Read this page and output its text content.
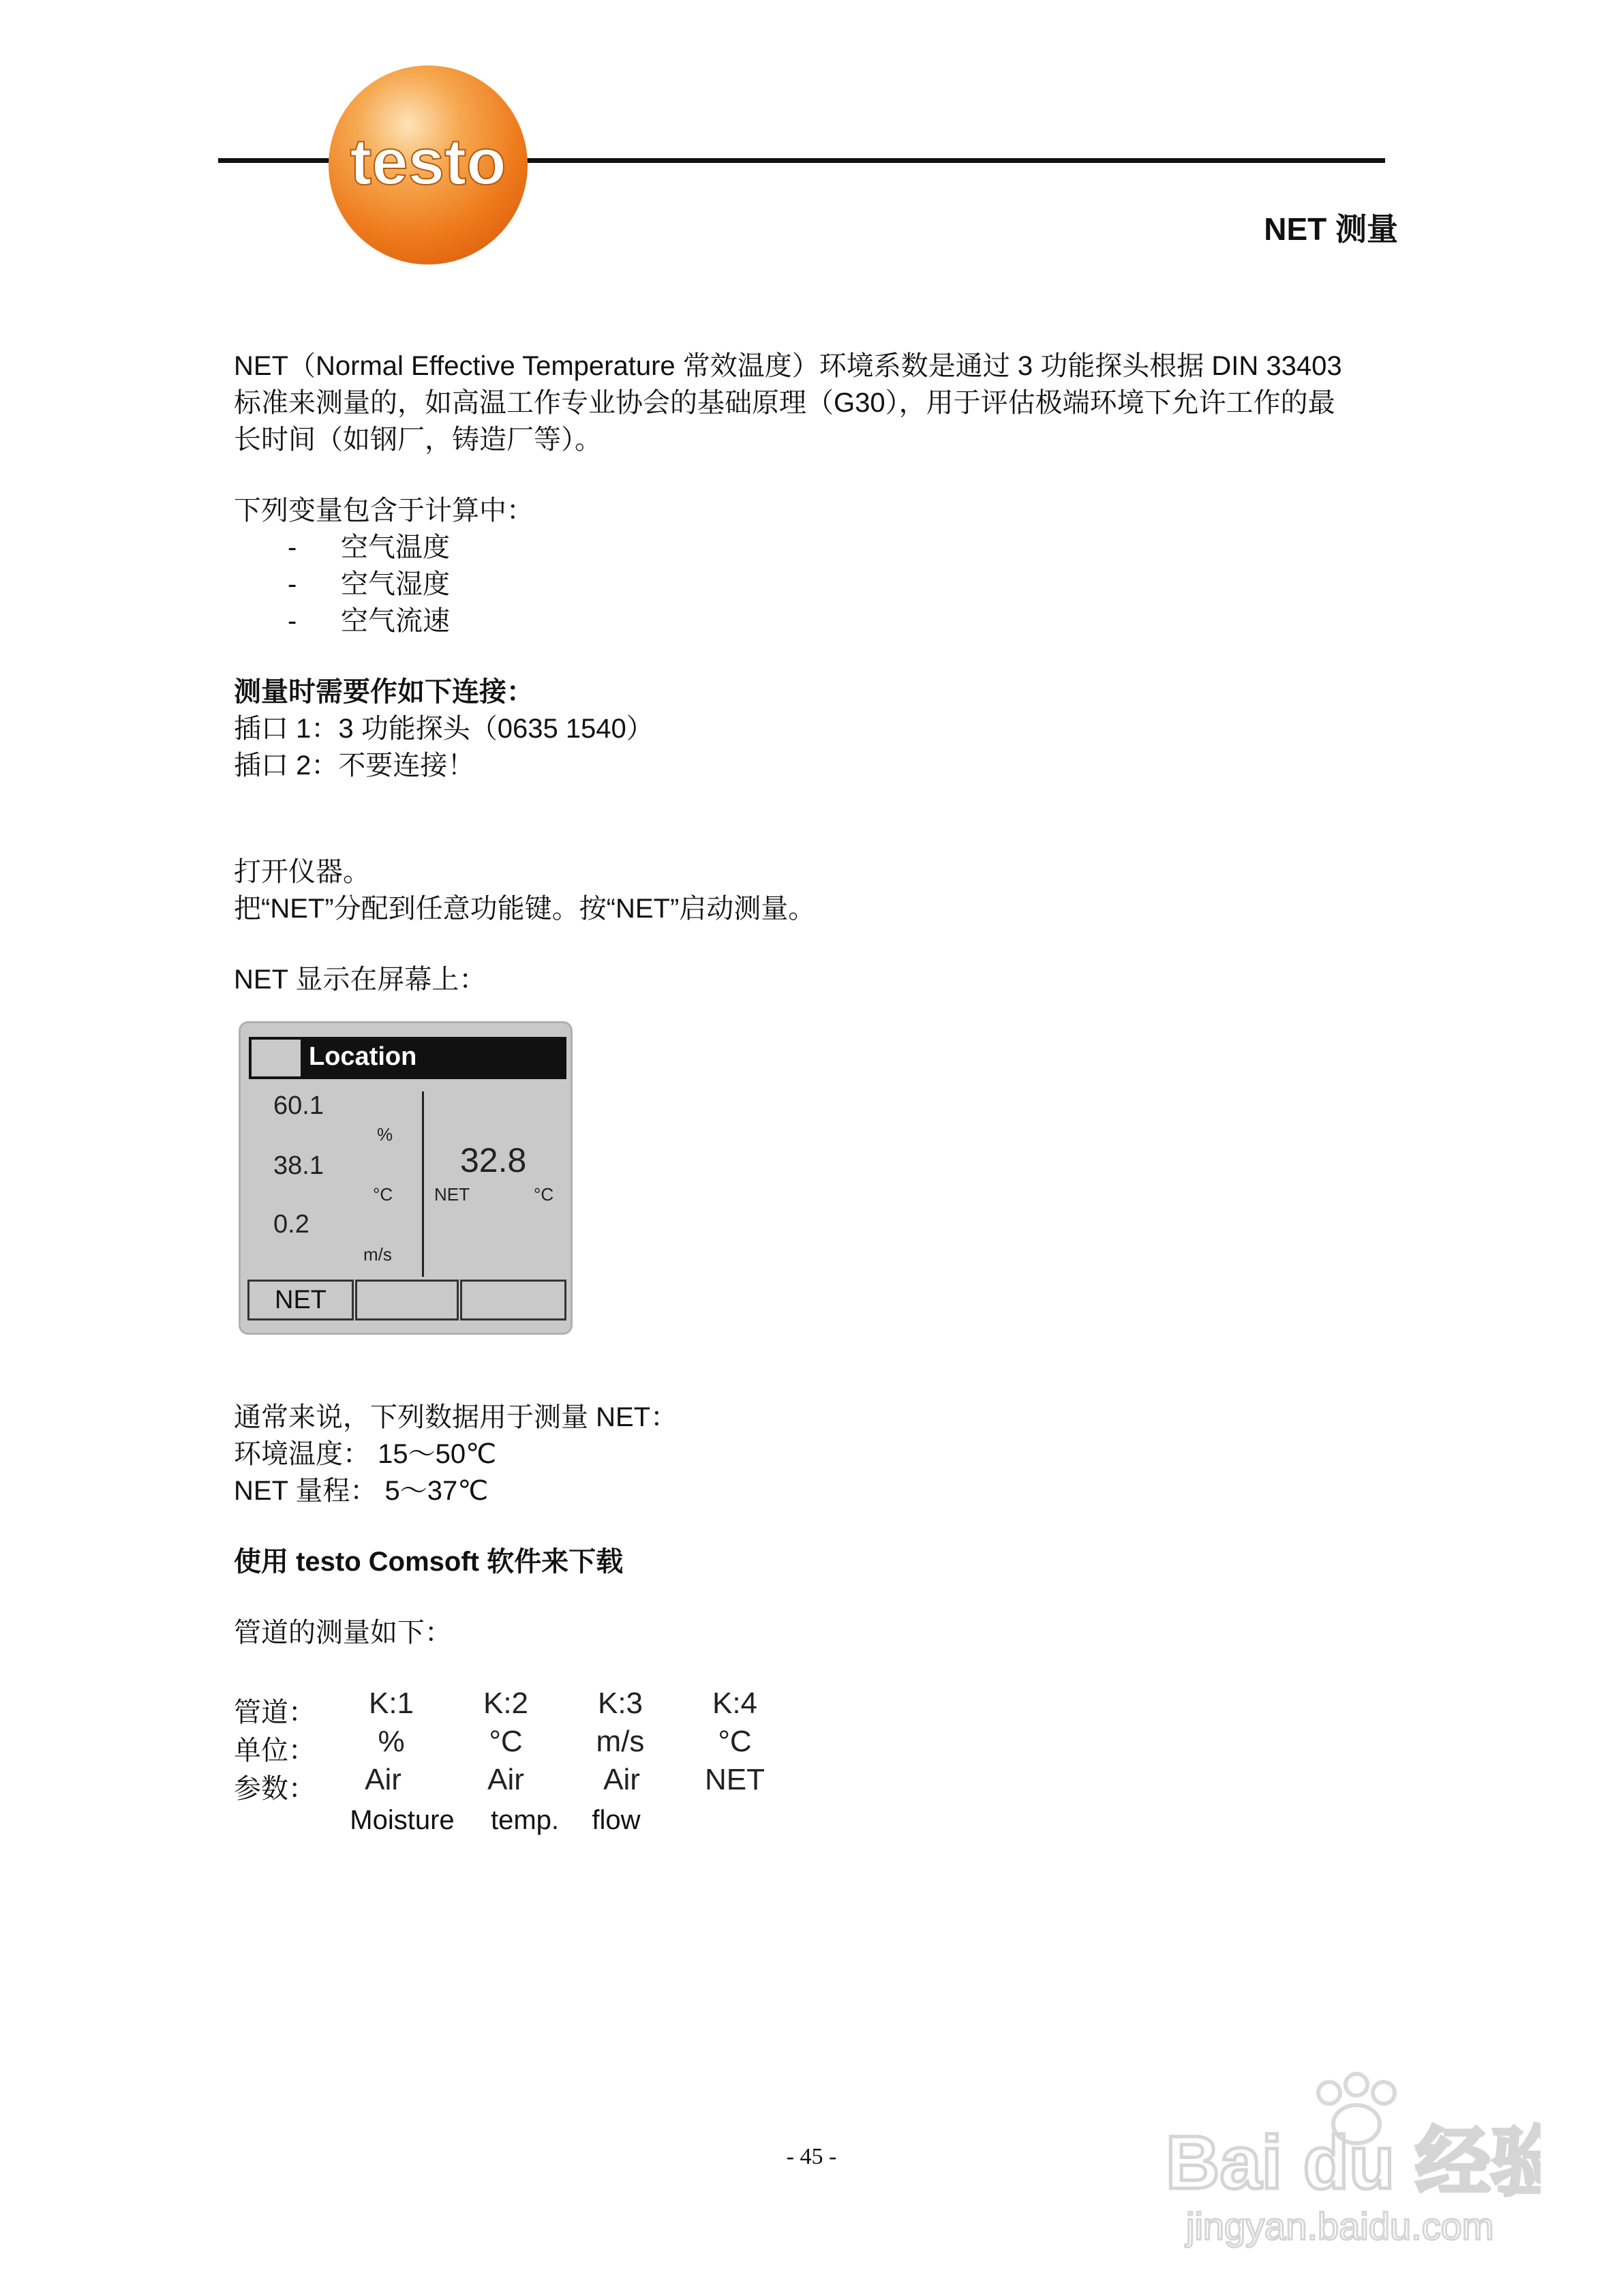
testo
NET 测量
NET（Normal Effective Temperature 常效温度）环境系数是通过 3 功能探头根据 DIN 33403
标准来测量的，如高温工作专业协会的基础原理（G30），用于评估极端环境下允许工作的最
长时间（如钢厂，铸造厂等）。
下列变量包含于计算中：
- 空气温度
- 空气湿度
- 空气流速
测量时需要作如下连接：
插口 1：3 功能探头（0635 1540）
插口 2：不要连接！
打开仪器。
把“NET”分配到任意功能键。按“NET”启动测量。
NET 显示在屏幕上：
Location
60.1
%
38.1
°C
0.2
m/s
32.8
NET	°C
NET
通常来说，下列数据用于测量 NET：
环境温度： 15～50℃
NET 量程： 5～37℃
使用 testo Comsoft 软件来下载
管道的测量如下：
管道：
单位：
参数：
K:1
%
Air
Moisture
K:2
°C
Air
temp.
K:3
m/s
Air
flow
K:4
°C
NET
- 45 -	Bai du 经验
jingyan.baidu.com
